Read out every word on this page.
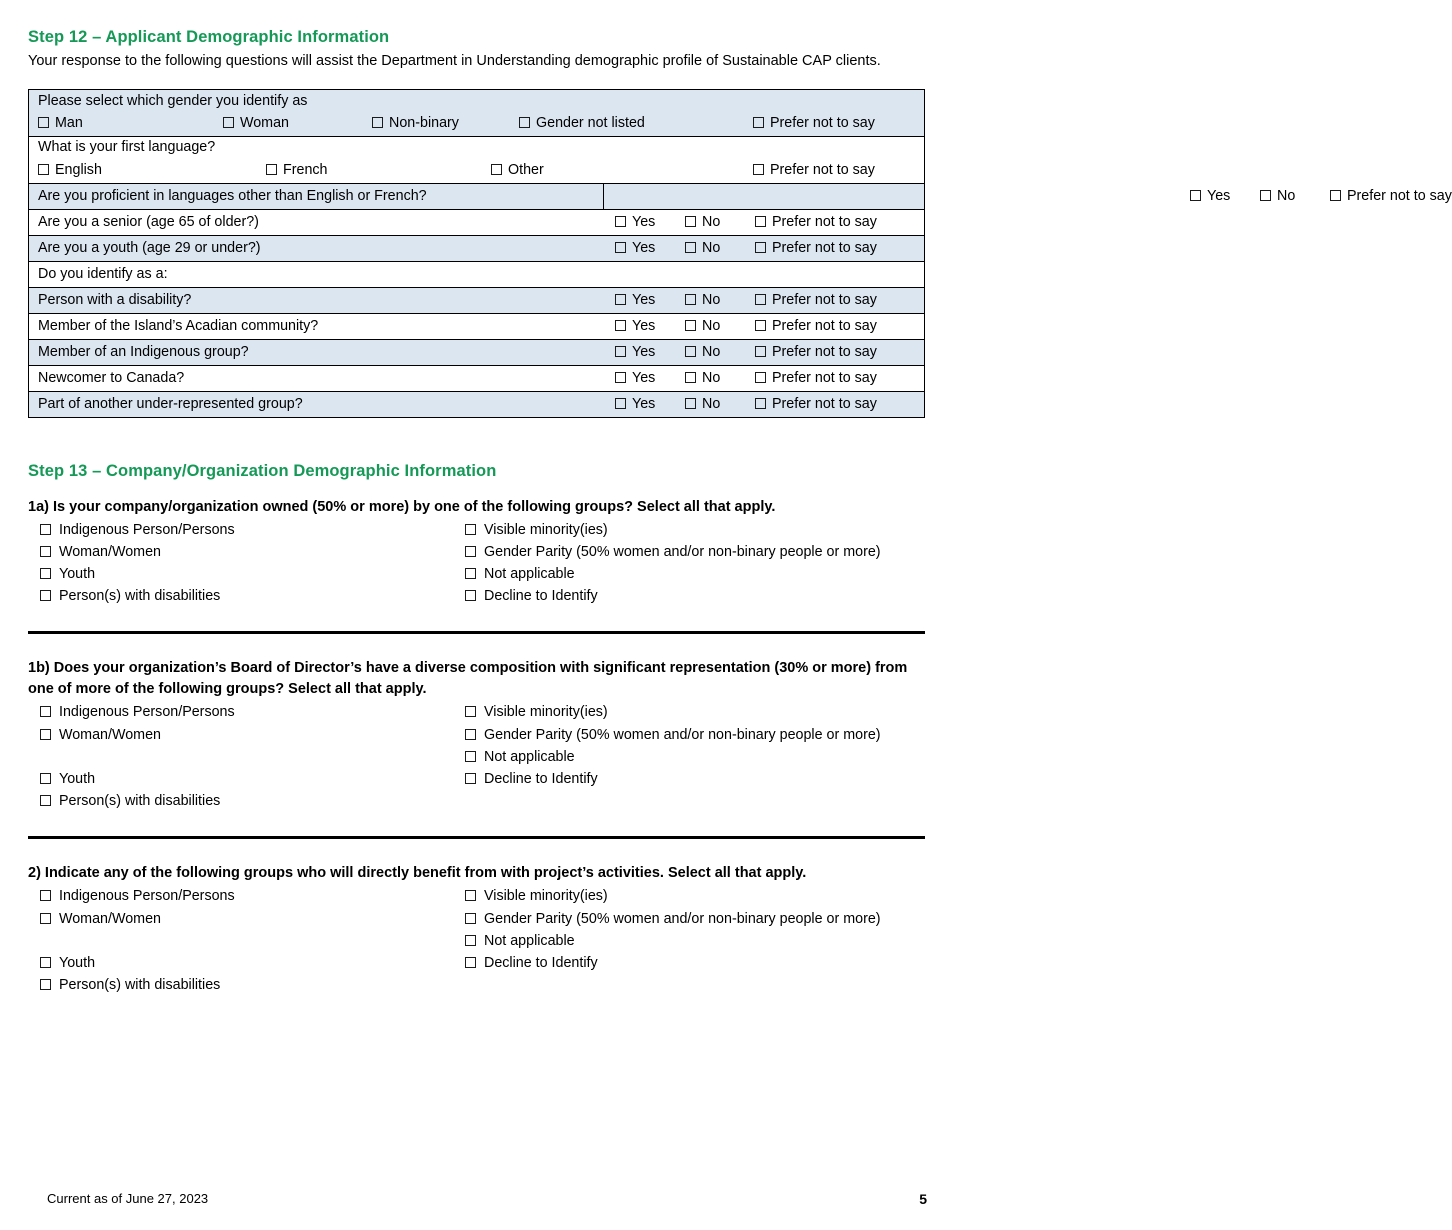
Step 12 – Applicant Demographic Information

Your response to the following questions will assist the Department in Understanding demographic profile of Sustainable CAP clients.

Please select which gender you identify as

Man	Woman	Non-binary	Gender not listed	Prefer not to say

What is your first language?

English	French	Other	Prefer not to say

Are you proficient in languages other than English or French?	Yes	No	Prefer not to say

Are you a senior (age 65 of older?)	Yes	No	Prefer not to say

Are you a youth (age 29 or under?)	Yes	No	Prefer not to say

Do you identify as a:

Person with a disability?	Yes	No	Prefer not to say

Member of the Island’s Acadian community?	Yes	No	Prefer not to say

Member of an Indigenous group?	Yes	No	Prefer not to say

Newcomer to Canada?	Yes	No	Prefer not to say

Part of another under-represented group?	Yes	No	Prefer not to say
Step 13 – Company/Organization Demographic Information

1a) Is your company/organization owned (50% or more) by one of the following groups? Select all that apply.

Indigenous Person/Persons

Woman/Women

Youth

Person(s) with disabilities

Visible minority(ies)

Gender Parity (50% women and/or non-binary people or more)

Not applicable

Decline to Identify

1b) Does your organization’s Board of Director’s have a diverse composition with significant representation (30% or more) from one of more of the following groups? Select all that apply.

Indigenous Person/Persons

Woman/Women

Youth

Person(s) with disabilities

Visible minority(ies)

Gender Parity (50% women and/or non-binary people or more)

Not applicable

Decline to Identify

2) Indicate any of the following groups who will directly benefit from with project’s activities. Select all that apply.

Indigenous Person/Persons

Woman/Women

Youth

Person(s) with disabilities

Visible minority(ies)

Gender Parity (50% women and/or non-binary people or more)

Not applicable

Decline to Identify

Current as of June 27, 2023	5
